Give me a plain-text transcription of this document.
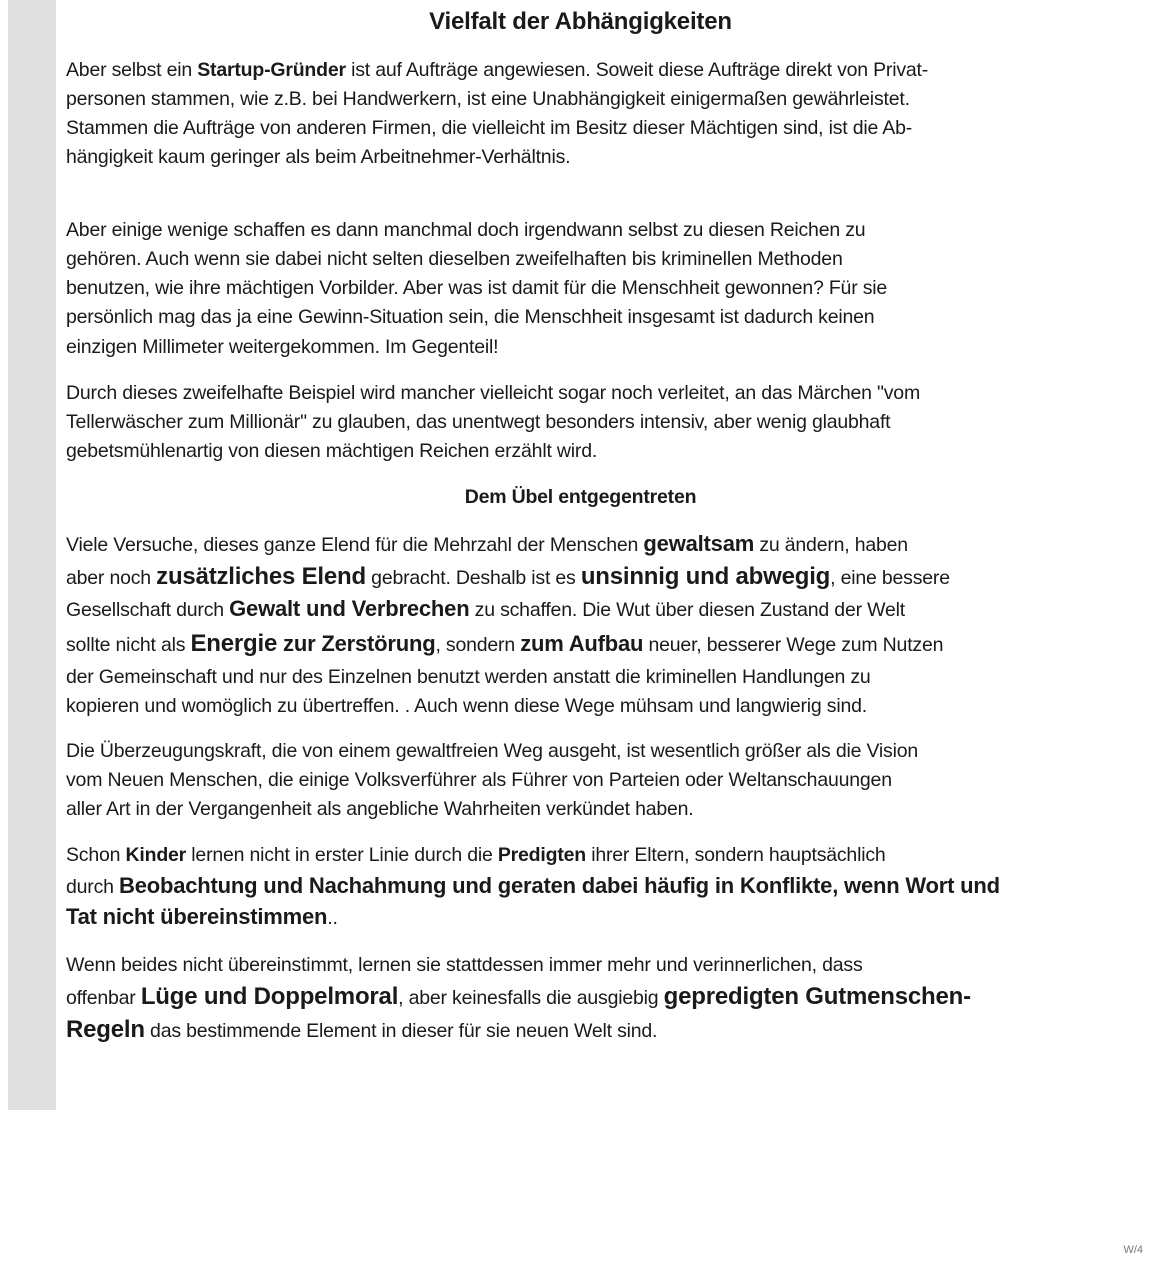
Vielfalt der Abhängigkeiten
Aber selbst ein Startup-Gründer ist auf Aufträge angewiesen. Soweit diese Aufträge direkt von Privat-
personen stammen, wie z.B. bei Handwerkern, ist eine Unabhängigkeit einigermaßen gewährleistet.
Stammen die Aufträge von anderen Firmen, die vielleicht im Besitz dieser Mächtigen sind, ist die Ab-
hängigkeit kaum geringer als beim Arbeitnehmer-Verhältnis.
Aber einige wenige schaffen es dann manchmal doch irgendwann selbst zu diesen Reichen zu
gehören. Auch wenn sie dabei nicht selten dieselben zweifelhaften bis kriminellen Methoden
benutzen, wie ihre mächtigen Vorbilder. Aber was ist damit für die Menschheit gewonnen? Für sie
persönlich mag das ja eine Gewinn-Situation sein, die Menschheit insgesamt ist dadurch keinen
einzigen Millimeter weitergekommen. Im Gegenteil!
Durch dieses zweifelhafte Beispiel wird mancher vielleicht sogar noch verleitet, an das Märchen "vom
Tellerwäscher zum Millionär" zu glauben, das unentwegt besonders intensiv, aber wenig glaubhaft
gebetsmühlenartig von diesen mächtigen Reichen erzählt wird.
Dem Übel entgegentreten
Viele Versuche, dieses ganze Elend für die Mehrzahl der Menschen gewaltsam zu ändern, haben
aber noch zusätzliches Elend gebracht. Deshalb ist es unsinnig und abwegig, eine bessere
Gesellschaft durch Gewalt und Verbrechen zu schaffen. Die Wut über diesen Zustand der Welt
sollte nicht als Energie zur Zerstörung, sondern zum Aufbau neuer, besserer Wege zum Nutzen
der Gemeinschaft und nur des Einzelnen benutzt werden anstatt die kriminellen Handlungen zu
kopieren und womöglich zu übertreffen. . Auch wenn diese Wege mühsam und langwierig sind.
Die Überzeugungskraft, die von einem gewaltfreien Weg ausgeht, ist wesentlich größer als die Vision
vom Neuen Menschen, die einige Volksverführer als Führer von Parteien oder Weltanschauungen
aller Art in der Vergangenheit als angebliche Wahrheiten verkündet haben.
Schon Kinder lernen nicht in erster Linie durch die Predigten ihrer Eltern, sondern hauptsächlich
durch Beobachtung und Nachahmung und geraten dabei häufig in Konflikte, wenn Wort und
Tat nicht übereinstimmen..
Wenn beides nicht übereinstimmt, lernen sie stattdessen immer mehr und verinnerlichen, dass
offenbar Lüge und Doppelmoral, aber keinesfalls die ausgiebig gepredigten Gutmenschen-
Regeln das bestimmende Element in dieser für sie neuen Welt sind.
W/4
